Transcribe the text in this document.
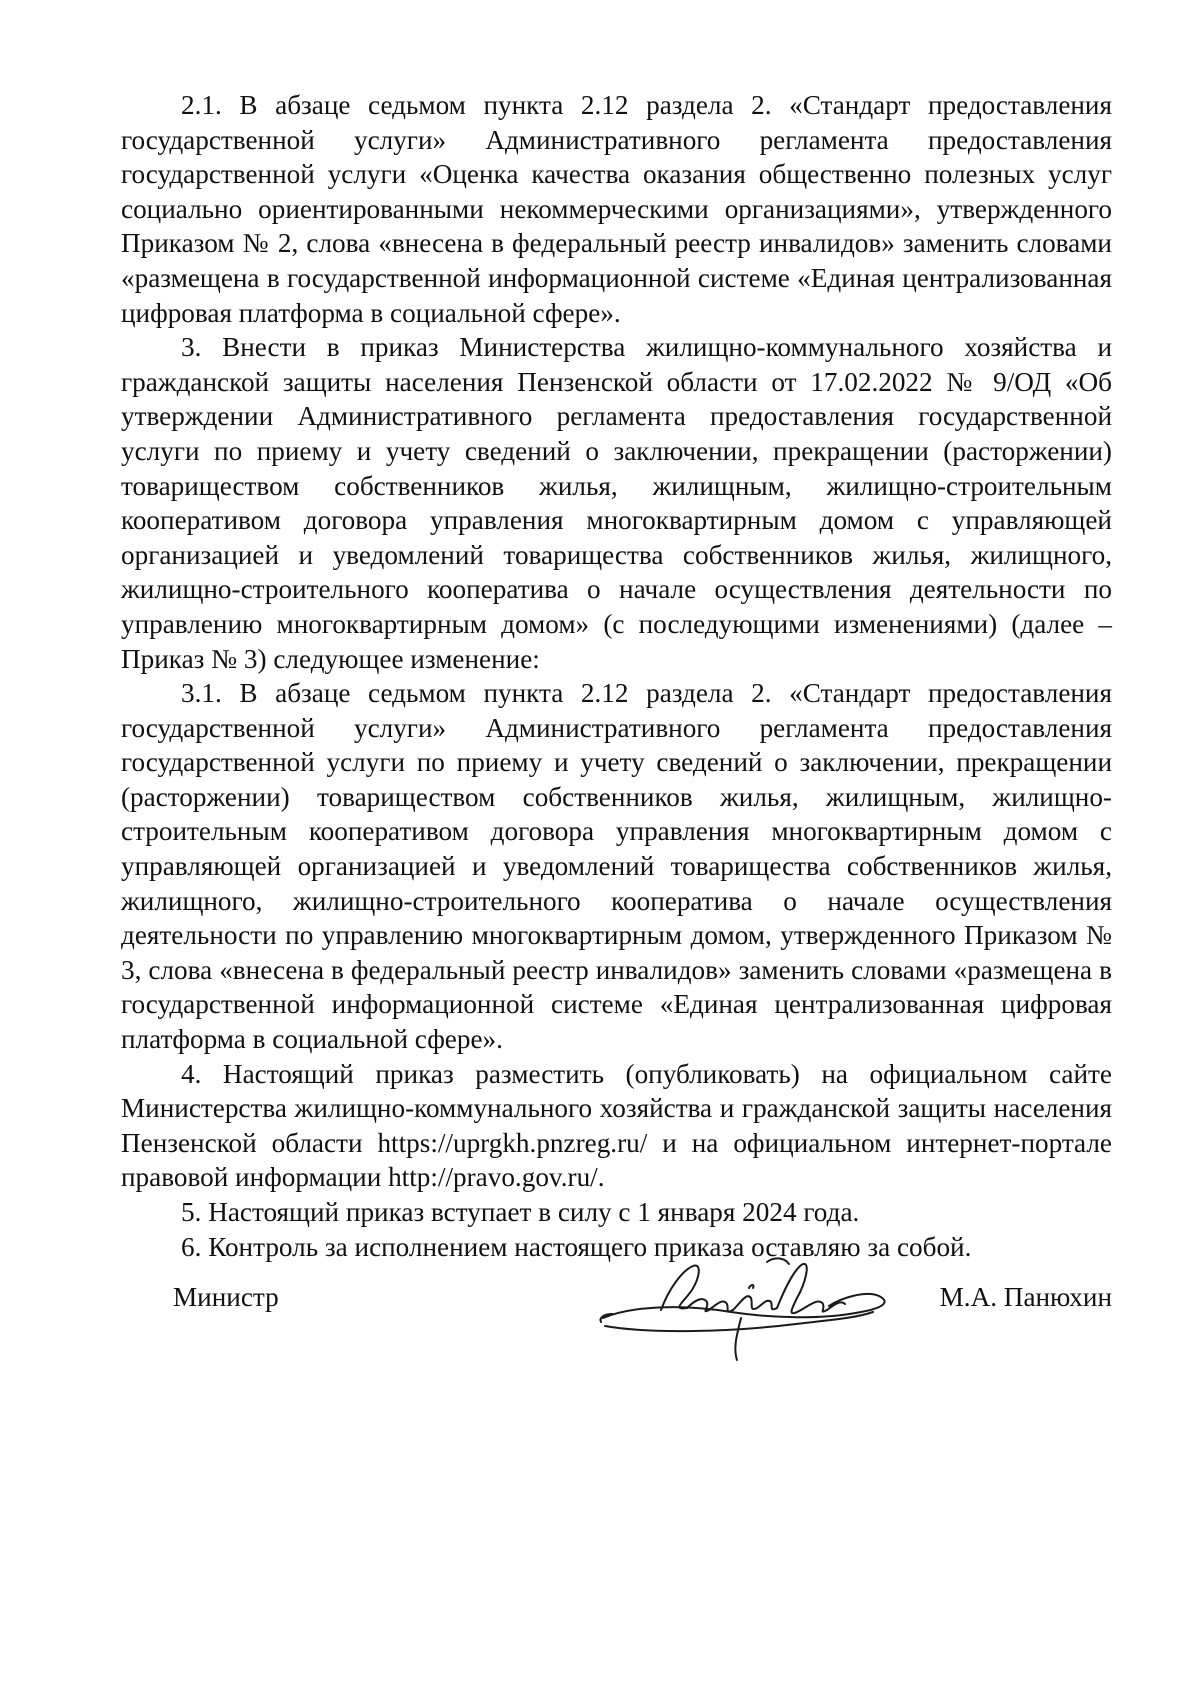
2.1. В абзаце седьмом пункта 2.12 раздела 2. «Стандарт предоставления государственной услуги» Административного регламента предоставления государственной услуги «Оценка качества оказания общественно полезных услуг социально ориентированными некоммерческими организациями», утвержденного Приказом № 2, слова «внесена в федеральный реестр инвалидов» заменить словами «размещена в государственной информационной системе «Единая централизованная цифровая платформа в социальной сфере».

3. Внести в приказ Министерства жилищно-коммунального хозяйства и гражданской защиты населения Пензенской области от 17.02.2022 № 9/ОД «Об утверждении Административного регламента предоставления государственной услуги по приему и учету сведений о заключении, прекращении (расторжении) товариществом собственников жилья, жилищным, жилищно-строительным кооперативом договора управления многоквартирным домом с управляющей организацией и уведомлений товарищества собственников жилья, жилищного, жилищно-строительного кооператива о начале осуществления деятельности по управлению многоквартирным домом» (с последующими изменениями) (далее – Приказ № 3) следующее изменение:

3.1. В абзаце седьмом пункта 2.12 раздела 2. «Стандарт предоставления государственной услуги» Административного регламента предоставления государственной услуги по приему и учету сведений о заключении, прекращении (расторжении) товариществом собственников жилья, жилищным, жилищно-строительным кооперативом договора управления многоквартирным домом с управляющей организацией и уведомлений товарищества собственников жилья, жилищного, жилищно-строительного кооператива о начале осуществления деятельности по управлению многоквартирным домом, утвержденного Приказом № 3, слова «внесена в федеральный реестр инвалидов» заменить словами «размещена в государственной информационной системе «Единая централизованная цифровая платформа в социальной сфере».

4. Настоящий приказ разместить (опубликовать) на официальном сайте Министерства жилищно-коммунального хозяйства и гражданской защиты населения Пензенской области https://uprgkh.pnzreg.ru/ и на официальном интернет-портале правовой информации http://pravo.gov.ru/.

5. Настоящий приказ вступает в силу с 1 января 2024 года.

6. Контроль за исполнением настоящего приказа оставляю за собой.

Министр	М.А. Панюхин
